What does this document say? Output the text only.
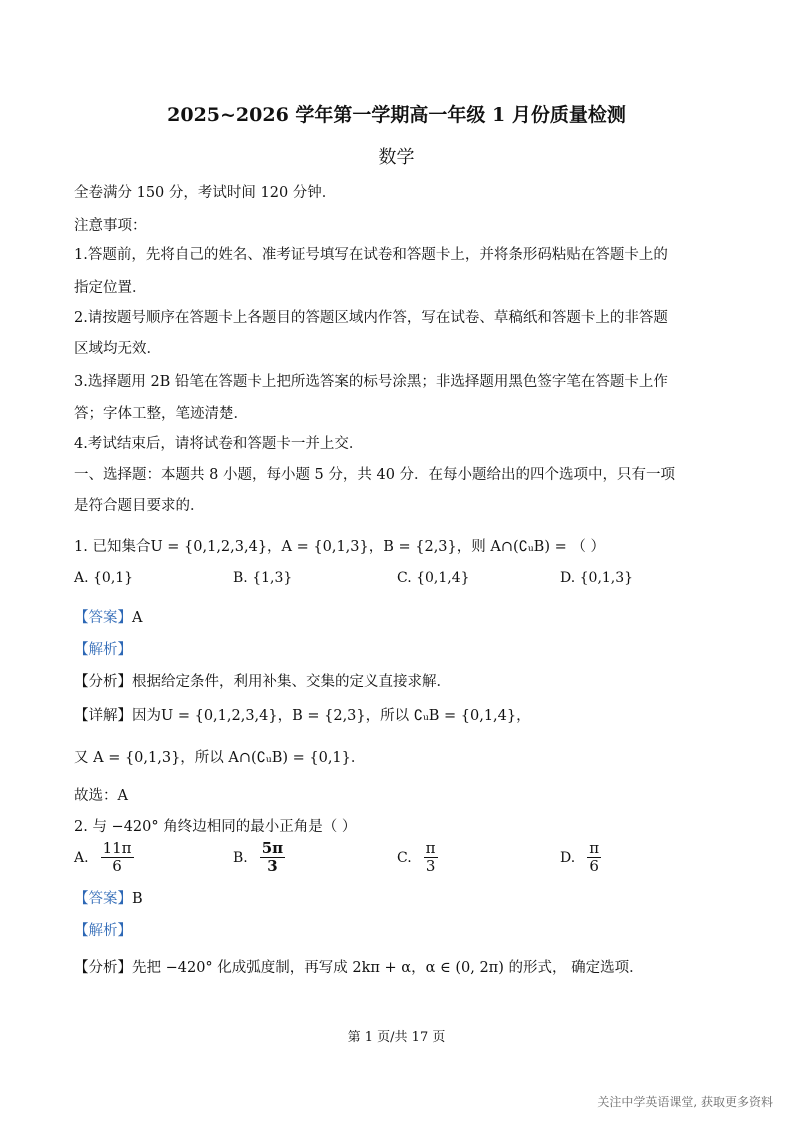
2025~2026 学年第一学期高一年级 1 月份质量检测
数学
全卷满分 150 分，考试时间 120 分钟．
注意事项：
1.答题前，先将自己的姓名、准考证号填写在试卷和答题卡上，并将条形码粘贴在答题卡上的
指定位置．
2.请按题号顺序在答题卡上各题目的答题区域内作答，写在试卷、草稿纸和答题卡上的非答题
区域均无效．
3.选择题用 2B 铅笔在答题卡上把所选答案的标号涂黑；非选择题用黑色签字笔在答题卡上作
答；字体工整，笔迹清楚．
4.考试结束后，请将试卷和答题卡一并上交．
一、选择题：本题共 8 小题，每小题 5 分，共 40 分．在每小题给出的四个选项中，只有一项
是符合题目要求的．
1. 已知集合U = {0,1,2,3,4}，A = {0,1,3}，B = {2,3}，则 A∩(∁ᵤB) = （ ）
A. {0,1}	B. {1,3}	C. {0,1,4}	D. {0,1,3}
【答案】A
【解析】
【分析】根据给定条件，利用补集、交集的定义直接求解．
【详解】因为U = {0,1,2,3,4}，B = {2,3}，所以 ∁ᵤB = {0,1,4}，
又 A = {0,1,3}，所以 A∩(∁ᵤB) = {0,1}．
故选：A
2. 与 −420° 角终边相同的最小正角是（ ）
A. $\frac{11\pi}{6}$	B. $\frac{5\pi}{3}$	C. $\frac{\pi}{3}$	D. $\frac{\pi}{6}$
【答案】B
【解析】
【分析】先把 −420° 化成弧度制，再写成 2kπ + α，α ∈ (0, 2π) 的形式， 确定选项．
第 1 页/共 17 页
关注中学英语课堂, 获取更多资料
